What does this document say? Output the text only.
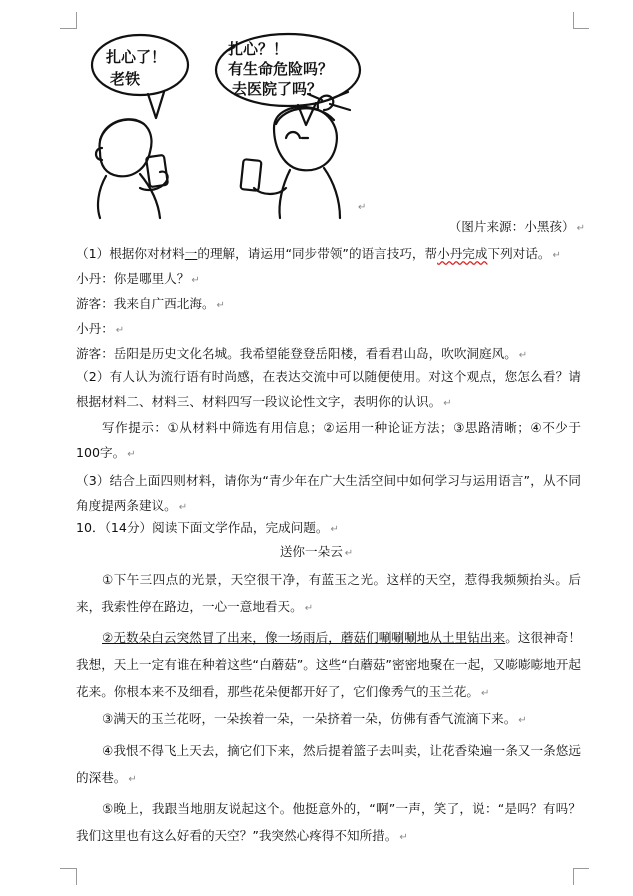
扎心了！
老铁
扎心？！
有生命危险吗？
去医院了吗？
↵
（图片来源：小黑孩） ↵
（1）根据你对材料一的理解，请运用“同步带领”的语言技巧，帮小丹完成下列对话。 ↵
小丹：你是哪里人？ ↵
游客：我来自广西北海。 ↵
小丹： ↵
游客：岳阳是历史文化名城。我希望能登登岳阳楼，看看君山岛，吹吹洞庭风。 ↵
（2）有人认为流行语有时尚感，在表达交流中可以随便使用。对这个观点，您怎么看？请根据材料二、材料三、材料四写一段议论性文字，表明你的认识。 ↵
写作提示：①从材料中筛选有用信息；②运用一种论证方法；③思路清晰；④不少于100字。 ↵
（3）结合上面四则材料，请你为“青少年在广大生活空间中如何学习与运用语言”，从不同角度提两条建议。 ↵
10．（14分）阅读下面文学作品，完成问题。 ↵
送你一朵云 ↵
①下午三四点的光景，天空很干净，有蓝玉之光。这样的天空，惹得我频频抬头。后来，我索性停在路边，一心一意地看天。 ↵
②无数朵白云突然冒了出来，像一场雨后，蘑菇们唰唰唰地从土里钻出来。这很神奇！我想，天上一定有谁在种着这些“白蘑菇”。这些“白蘑菇”密密地聚在一起，又嘭嘭嘭地开起花来。你根本来不及细看，那些花朵便都开好了，它们像秀气的玉兰花。 ↵
③满天的玉兰花呀，一朵挨着一朵，一朵挤着一朵，仿佛有香气流滴下来。 ↵
④我恨不得飞上天去，摘它们下来，然后提着篮子去叫卖，让花香染遍一条又一条悠远的深巷。 ↵
⑤晚上，我跟当地朋友说起这个。他挺意外的，“啊”一声，笑了，说：“是吗？有吗？我们这里也有这么好看的天空？”我突然心疼得不知所措。 ↵
